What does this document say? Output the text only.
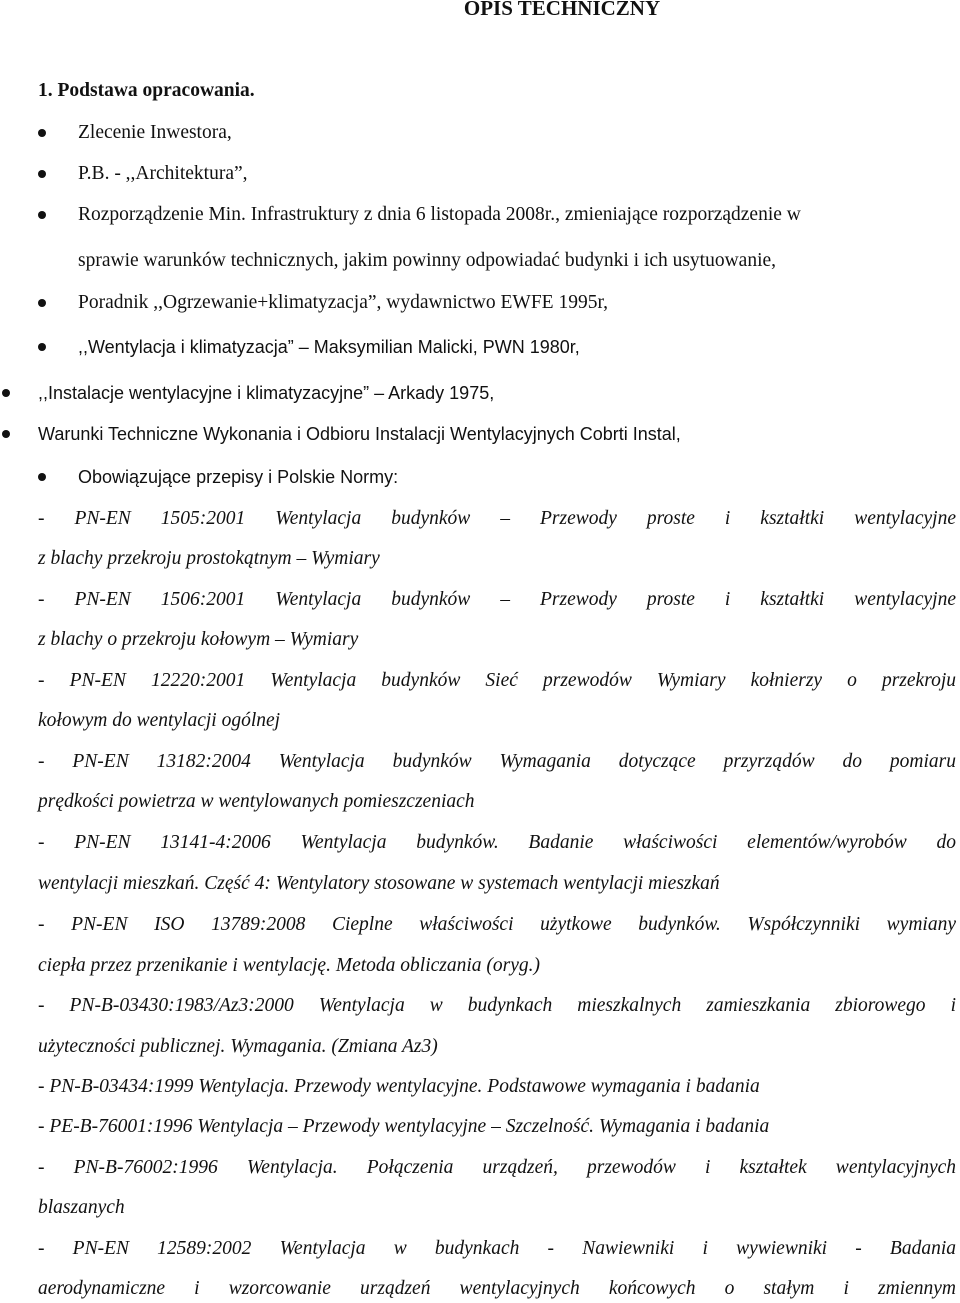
OPIS TECHNICZNY
1. Podstawa opracowania.
Zlecenie Inwestora,
P.B. - ,,Architektura”,
Rozporządzenie Min. Infrastruktury z dnia 6 listopada 2008r., zmieniające rozporządzenie w
sprawie warunków technicznych, jakim powinny odpowiadać budynki i ich usytuowanie,
Poradnik ,,Ogrzewanie+klimatyzacja”, wydawnictwo EWFE 1995r,
,,Wentylacja i klimatyzacja” – Maksymilian Malicki, PWN 1980r,
,,Instalacje wentylacyjne i klimatyzacyjne” – Arkady 1975,
Warunki Techniczne Wykonania i Odbioru Instalacji Wentylacyjnych Cobrti Instal,
Obowiązujące przepisy i Polskie Normy:
- PN-EN 1505:2001 Wentylacja budynków – Przewody proste i kształtki wentylacyjne
z blachy przekroju prostokątnym – Wymiary
- PN-EN 1506:2001 Wentylacja budynków – Przewody proste i kształtki wentylacyjne
z blachy o przekroju kołowym – Wymiary
- PN-EN 12220:2001 Wentylacja budynków Sieć przewodów Wymiary kołnierzy o przekroju
kołowym do wentylacji ogólnej
- PN-EN 13182:2004 Wentylacja budynków Wymagania dotyczące przyrządów do pomiaru
prędkości powietrza w wentylowanych pomieszczeniach
- PN-EN 13141-4:2006 Wentylacja budynków. Badanie właściwości elementów/wyrobów do
wentylacji mieszkań. Część 4: Wentylatory stosowane w systemach wentylacji mieszkań
- PN-EN ISO 13789:2008 Cieplne właściwości użytkowe budynków. Współczynniki wymiany
ciepła przez przenikanie i wentylację. Metoda obliczania (oryg.)
- PN-B-03430:1983/Az3:2000 Wentylacja w budynkach mieszkalnych zamieszkania zbiorowego i
użyteczności publicznej. Wymagania. (Zmiana Az3)
- PN-B-03434:1999 Wentylacja. Przewody wentylacyjne. Podstawowe wymagania i badania
- PE-B-76001:1996 Wentylacja – Przewody wentylacyjne – Szczelność. Wymagania i badania
- PN-B-76002:1996 Wentylacja. Połączenia urządzeń, przewodów i kształtek wentylacyjnych
blaszanych
- PN-EN 12589:2002 Wentylacja w budynkach - Nawiewniki i wywiewniki - Badania
aerodynamiczne i wzorcowanie urządzeń wentylacyjnych końcowych o stałym i zmiennym
